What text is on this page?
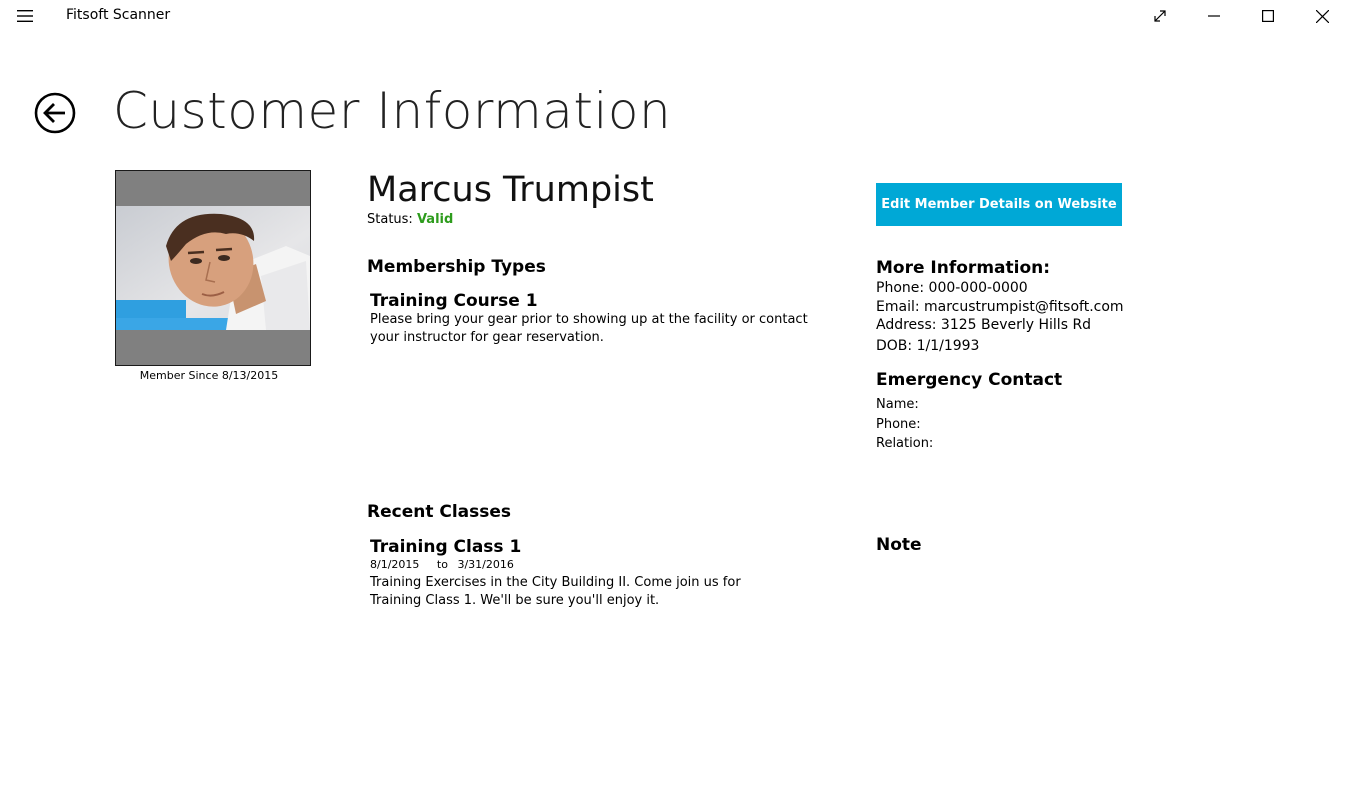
Fitsoft Scanner
Customer Information
Member Since 8/13/2015
Marcus Trumpist
Status: Valid
Membership Types
Training Course 1
Please bring your gear prior to showing up at the facility or contact
your instructor for gear reservation.
Recent Classes
Training Class 1
8/1/2015 to 3/31/2016
Training Exercises in the City Building II. Come join us for
Training Class 1. We'll be sure you'll enjoy it.
Edit Member Details on Website
More Information:
Phone: 000-000-0000
Email: marcustrumpist@fitsoft.com
Address: 3125 Beverly Hills Rd
DOB: 1/1/1993
Emergency Contact
Name:
Phone:
Relation:
Note
